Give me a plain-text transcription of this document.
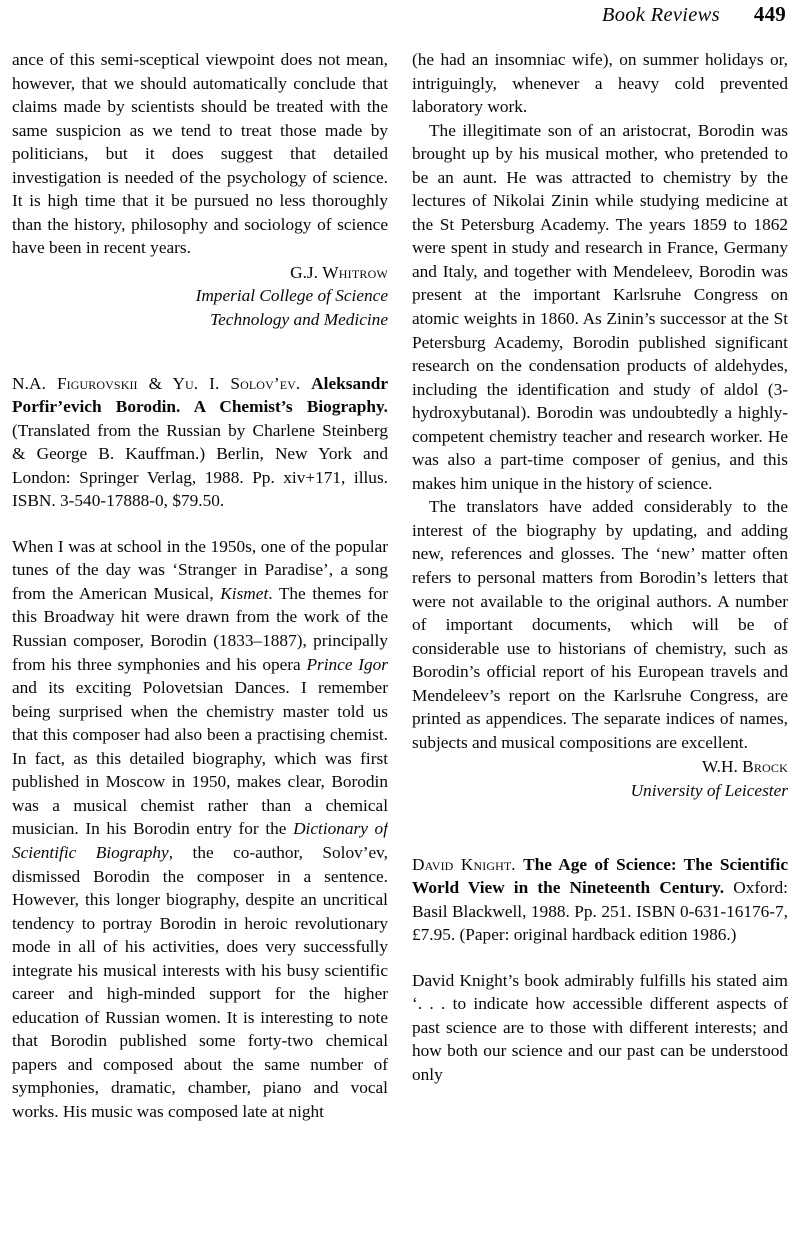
Book Reviews 449

ance of this semi-sceptical viewpoint does not mean, however, that we should automatically conclude that claims made by scientists should be treated with the same suspicion as we tend to treat those made by politicians, but it does suggest that detailed investigation is needed of the psychology of science. It is high time that it be pursued no less thoroughly than the history, philosophy and sociology of science have been in recent years.

G.J. Whitrow
Imperial College of Science
Technology and Medicine
N.A. Figurovskii & Yu. I. Solov’ev. Aleksandr Porfir’evich Borodin. A Chemist’s Biography. (Translated from the Russian by Charlene Steinberg & George B. Kauffman.) Berlin, New York and London: Springer Verlag, 1988. Pp. xiv+171, illus. ISBN. 3-540-17888-0, $79.50.

When I was at school in the 1950s, one of the popular tunes of the day was ‘Stranger in Paradise’, a song from the American Musical, Kismet. The themes for this Broadway hit were drawn from the work of the Russian composer, Borodin (1833–1887), principally from his three symphonies and his opera Prince Igor and its exciting Polovetsian Dances. I remember being surprised when the chemistry master told us that this composer had also been a practising chemist. In fact, as this detailed biography, which was first published in Moscow in 1950, makes clear, Borodin was a musical chemist rather than a chemical musician. In his Borodin entry for the Dictionary of Scientific Biography, the co-author, Solov’ev, dismissed Borodin the composer in a sentence. However, this longer biography, despite an uncritical tendency to portray Borodin in heroic revolutionary mode in all of his activities, does very successfully integrate his musical interests with his busy scientific career and high-minded support for the higher education of Russian women. It is interesting to note that Borodin published some forty-two chemical papers and composed about the same number of symphonies, dramatic, chamber, piano and vocal works. His music was composed late at night

(he had an insomniac wife), on summer holidays or, intriguingly, whenever a heavy cold prevented laboratory work.

The illegitimate son of an aristocrat, Borodin was brought up by his musical mother, who pretended to be an aunt. He was attracted to chemistry by the lectures of Nikolai Zinin while studying medicine at the St Petersburg Academy. The years 1859 to 1862 were spent in study and research in France, Germany and Italy, and together with Mendeleev, Borodin was present at the important Karlsruhe Congress on atomic weights in 1860. As Zinin’s successor at the St Petersburg Academy, Borodin published significant research on the condensation products of aldehydes, including the identification and study of aldol (3-hydroxybutanal). Borodin was undoubtedly a highly-competent chemistry teacher and research worker. He was also a part-time composer of genius, and this makes him unique in the history of science.

The translators have added considerably to the interest of the biography by updating, and adding new, references and glosses. The ‘new’ matter often refers to personal matters from Borodin’s letters that were not available to the original authors. A number of important documents, which will be of considerable use to historians of chemistry, such as Borodin’s official report of his European travels and Mendeleev’s report on the Karlsruhe Congress, are printed as appendices. The separate indices of names, subjects and musical compositions are excellent.

W.H. Brock
University of Leicester
David Knight. The Age of Science: The Scientific World View in the Nineteenth Century. Oxford: Basil Blackwell, 1988. Pp. 251. ISBN 0-631-16176-7, £7.95. (Paper: original hardback edition 1986.)

David Knight’s book admirably fulfills his stated aim ‘. . . to indicate how accessible different aspects of past science are to those with different interests; and how both our science and our past can be understood only
